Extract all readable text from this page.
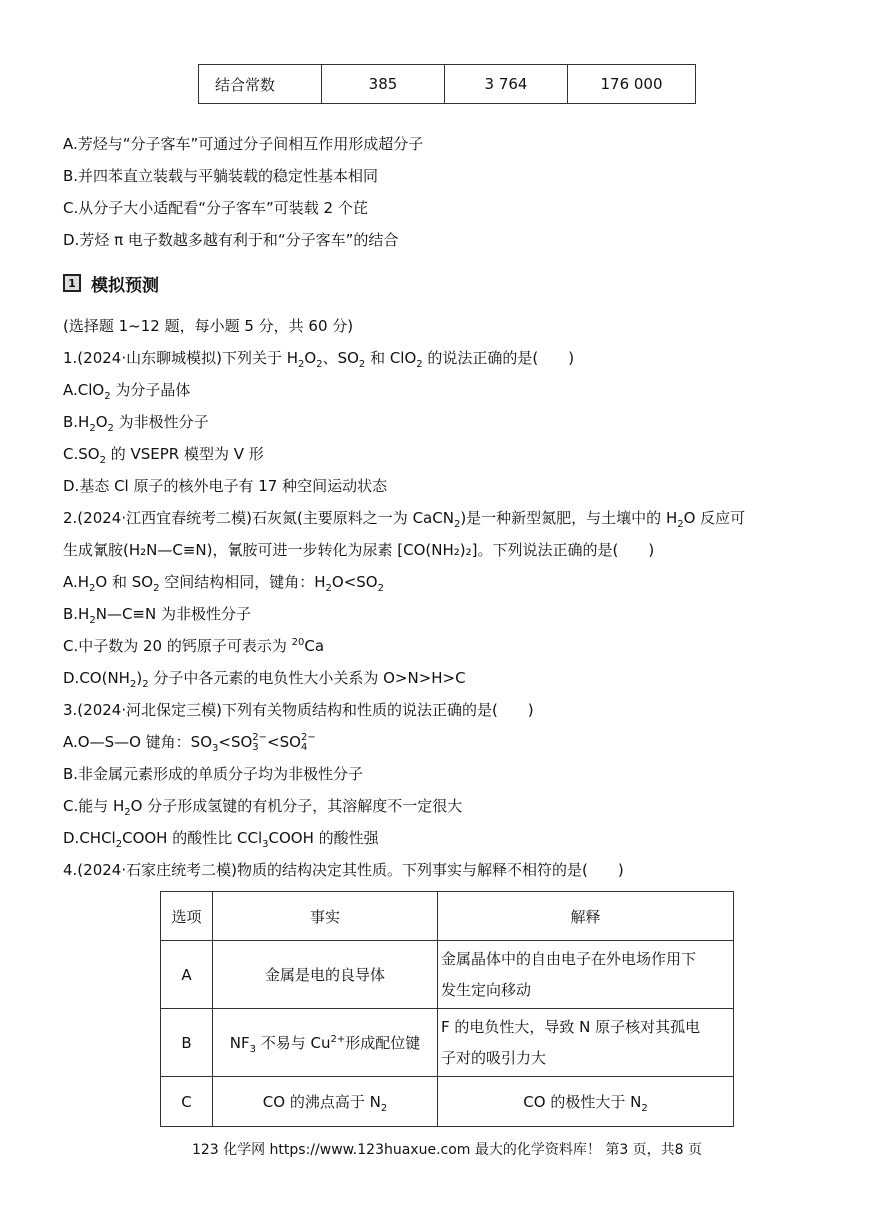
结合常数	385	3 764	176 000
A.芳烃与“分子客车”可通过分子间相互作用形成超分子
B.并四苯直立装载与平躺装载的稳定性基本相同
C.从分子大小适配看“分子客车”可装载 2 个芘
D.芳烃 π 电子数越多越有利于和“分子客车”的结合
1 模拟预测
(选择题 1~12 题，每小题 5 分，共 60 分)
1.(2024·山东聊城模拟)下列关于 $H_2O_2$、$SO_2$ 和 ClO$_2$ 的说法正确的是(　　)
A.ClO$_2$ 为分子晶体
$B.H_2O_2$ 为非极性分子
$C.SO_2$ 的 VSEPR 模型为 V 形
D.基态 Cl 原子的核外电子有 17 种空间运动状态
2.(2024·江西宜春统考二模)石灰氮(主要原料之一为 CaCN$_2$)是一种新型氮肥，与土壤中的 $H_2O$ 反应可
生成氰胺(H₂N—C≡N)，氰胺可进一步转化为尿素 [CO(NH₂)₂]。下列说法正确的是(　　)
$A.H_2O$ 和 $SO_2$ 空间结构相同，键角：$H_2O<SO_2$
$B.H_2N—C\equiv N$ 为非极性分子
C.中子数为 20 的钙原子可表示为 $^{20}$Ca
$D.CO(NH_2)_2$ 分子中各元素的电负性大小关系为 O>N>H>C
3.(2024·河北保定三模)下列有关物质结构和性质的说法正确的是(　　)
A.O—S—O 键角：$SO_3<SO$ 2−
3 <SO 2−
4
B.非金属元素形成的单质分子均为非极性分子
C.能与 $H_2O$ 分子形成氢键的有机分子，其溶解度不一定很大
D.CHCl$_2$COOH 的酸性比 CCl$_3$COOH 的酸性强
4.(2024·石家庄统考二模)物质的结构决定其性质。下列事实与解释不相符的是(　　)
选项	事实	解释
A	金属是电的良导体	金属晶体中的自由电子在外电场作用下
发生定向移动

B	$NF_3$ 不易与 $Cu^{2+}$形成配位键	F 的电负性大，导致 N 原子核对其孤电
子对的吸引力大

C	CO 的沸点高于 $N_2$	CO 的极性大于 $N_2$
123 化学网 https://www.123huaxue.com 最大的化学资料库！ 第3 页，共8 页
